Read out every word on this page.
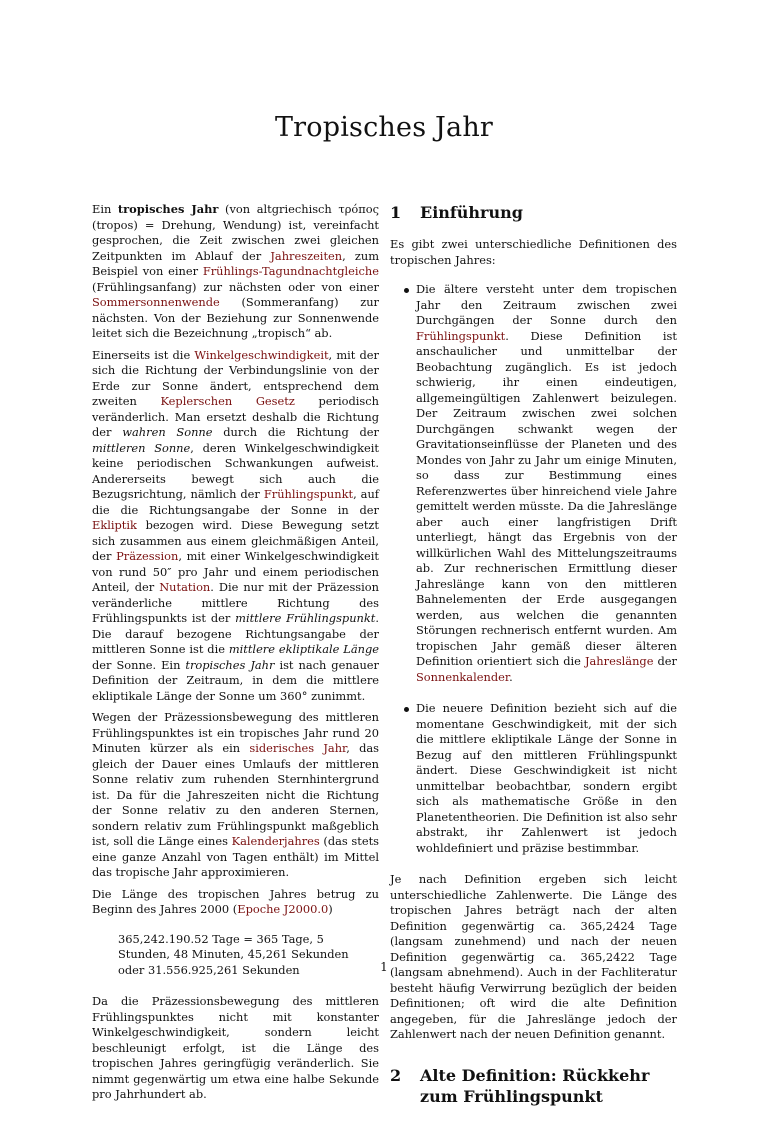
Tropisches Jahr

Ein tropisches Jahr (von altgriechisch τρόπος (tropos) = Drehung, Wendung) ist, vereinfacht gesprochen, die Zeit zwischen zwei gleichen Zeitpunkten im Ablauf der Jahreszeiten, zum Beispiel von einer Frühlings-Tagundnachtgleiche (Frühlingsanfang) zur nächsten oder von einer Sommersonnenwende (Sommeranfang) zur nächsten. Von der Beziehung zur Sonnenwende leitet sich die Bezeichnung „tropisch“ ab.

Einerseits ist die Winkelgeschwindigkeit, mit der sich die Richtung der Verbindungslinie von der Erde zur Sonne ändert, entsprechend dem zweiten Keplerschen Gesetz periodisch veränderlich. Man ersetzt deshalb die Richtung der wahren Sonne durch die Richtung der mittleren Sonne, deren Winkelgeschwindigkeit keine periodischen Schwankungen aufweist. Andererseits bewegt sich auch die Bezugsrichtung, nämlich der Frühlingspunkt, auf die die Richtungsangabe der Sonne in der Ekliptik bezogen wird. Diese Bewegung setzt sich zusammen aus einem gleichmäßigen Anteil, der Präzession, mit einer Winkelgeschwindigkeit von rund 50″ pro Jahr und einem periodischen Anteil, der Nutation. Die nur mit der Präzession veränderliche mittlere Richtung des Frühlingspunkts ist der mittlere Frühlingspunkt. Die darauf bezogene Richtungsangabe der mittleren Sonne ist die mittlere ekliptikale Länge der Sonne. Ein tropisches Jahr ist nach genauer Definition der Zeitraum, in dem die mittlere ekliptikale Länge der Sonne um 360° zunimmt.

Wegen der Präzessionsbewegung des mittleren Frühlingspunktes ist ein tropisches Jahr rund 20 Minuten kürzer als ein siderisches Jahr, das gleich der Dauer eines Umlaufs der mittleren Sonne relativ zum ruhenden Sternhintergrund ist. Da für die Jahreszeiten nicht die Richtung der Sonne relativ zu den anderen Sternen, sondern relativ zum Frühlingspunkt maßgeblich ist, soll die Länge eines Kalenderjahres (das stets eine ganze Anzahl von Tagen enthält) im Mittel das tropische Jahr approximieren.

Die Länge des tropischen Jahres betrug zu Beginn des Jahres 2000 (Epoche J2000.0)

365,242.190.52 Tage = 365 Tage, 5 Stunden, 48 Minuten, 45,261 Sekunden oder 31.556.925,261 Sekunden

Da die Präzessionsbewegung des mittleren Frühlingspunktes nicht mit konstanter Winkelgeschwindigkeit, sondern leicht beschleunigt erfolgt, ist die Länge des tropischen Jahres geringfügig veränderlich. Sie nimmt gegenwärtig um etwa eine halbe Sekunde pro Jahrhundert ab.

1 Einführung

Es gibt zwei unterschiedliche Definitionen des tropischen Jahres:

Die ältere versteht unter dem tropischen Jahr den Zeitraum zwischen zwei Durchgängen der Sonne durch den Frühlingspunkt. Diese Definition ist anschaulicher und unmittelbar der Beobachtung zugänglich. Es ist jedoch schwierig, ihr einen eindeutigen, allgemeingültigen Zahlenwert beizulegen. Der Zeitraum zwischen zwei solchen Durchgängen schwankt wegen der Gravitationseinflüsse der Planeten und des Mondes von Jahr zu Jahr um einige Minuten, so dass zur Bestimmung eines Referenzwertes über hinreichend viele Jahre gemittelt werden müsste. Da die Jahreslänge aber auch einer langfristigen Drift unterliegt, hängt das Ergebnis von der willkürlichen Wahl des Mittelungszeitraums ab. Zur rechnerischen Ermittlung dieser Jahreslänge kann von den mittleren Bahnelementen der Erde ausgegangen werden, aus welchen die genannten Störungen rechnerisch entfernt wurden. Am tropischen Jahr gemäß dieser älteren Definition orientiert sich die Jahreslänge der Sonnenkalender.
Die neuere Definition bezieht sich auf die momentane Geschwindigkeit, mit der sich die mittlere ekliptikale Länge der Sonne in Bezug auf den mittleren Frühlingspunkt ändert. Diese Geschwindigkeit ist nicht unmittelbar beobachtbar, sondern ergibt sich als mathematische Größe in den Planetentheorien. Die Definition ist also sehr abstrakt, ihr Zahlenwert ist jedoch wohldefiniert und präzise bestimmbar.

Je nach Definition ergeben sich leicht unterschiedliche Zahlenwerte. Die Länge des tropischen Jahres beträgt nach der alten Definition gegenwärtig ca. 365,2424 Tage (langsam zunehmend) und nach der neuen Definition gegenwärtig ca. 365,2422 Tage (langsam abnehmend). Auch in der Fachliteratur besteht häufig Verwirrung bezüglich der beiden Definitionen; oft wird die alte Definition angegeben, für die Jahreslänge jedoch der Zahlenwert nach der neuen Definition genannt.

2 Alte Definition: Rückkehr zum Frühlingspunkt
1
